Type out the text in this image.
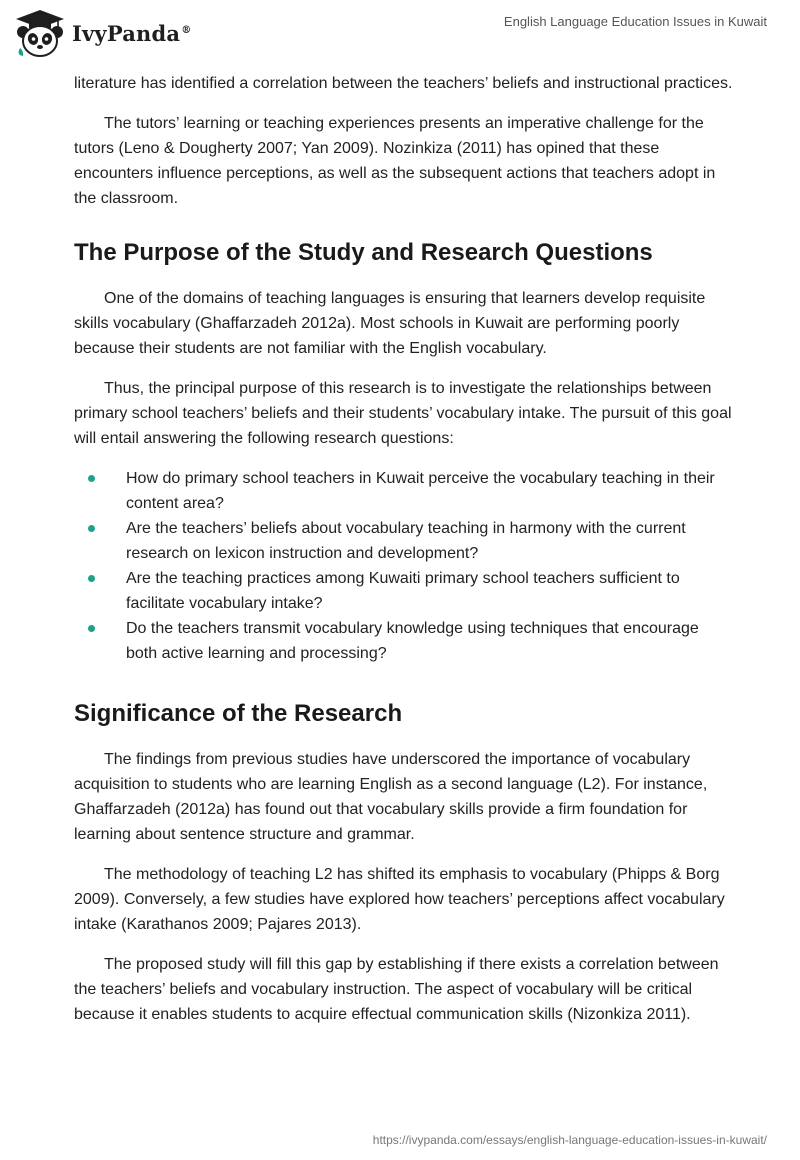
IvyPanda®
English Language Education Issues in Kuwait

literature has identified a correlation between the teachers’ beliefs and instructional practices.

The tutors’ learning or teaching experiences presents an imperative challenge for the tutors (Leno & Dougherty 2007; Yan 2009). Nozinkiza (2011) has opined that these encounters influence perceptions, as well as the subsequent actions that teachers adopt in the classroom.

The Purpose of the Study and Research Questions

One of the domains of teaching languages is ensuring that learners develop requisite skills vocabulary (Ghaffarzadeh 2012a). Most schools in Kuwait are performing poorly because their students are not familiar with the English vocabulary.

Thus, the principal purpose of this research is to investigate the relationships between primary school teachers’ beliefs and their students’ vocabulary intake. The pursuit of this goal will entail answering the following research questions:

How do primary school teachers in Kuwait perceive the vocabulary teaching in their content area?
Are the teachers’ beliefs about vocabulary teaching in harmony with the current research on lexicon instruction and development?
Are the teaching practices among Kuwaiti primary school teachers sufficient to facilitate vocabulary intake?
Do the teachers transmit vocabulary knowledge using techniques that encourage both active learning and processing?
Significance of the Research

The findings from previous studies have underscored the importance of vocabulary acquisition to students who are learning English as a second language (L2). For instance, Ghaffarzadeh (2012a) has found out that vocabulary skills provide a firm foundation for learning about sentence structure and grammar.

The methodology of teaching L2 has shifted its emphasis to vocabulary (Phipps & Borg 2009). Conversely, a few studies have explored how teachers’ perceptions affect vocabulary intake (Karathanos 2009; Pajares 2013).

The proposed study will fill this gap by establishing if there exists a correlation between the teachers’ beliefs and vocabulary instruction. The aspect of vocabulary will be critical because it enables students to acquire effectual communication skills (Nizonkiza 2011).

https://ivypanda.com/essays/english-language-education-issues-in-kuwait/
